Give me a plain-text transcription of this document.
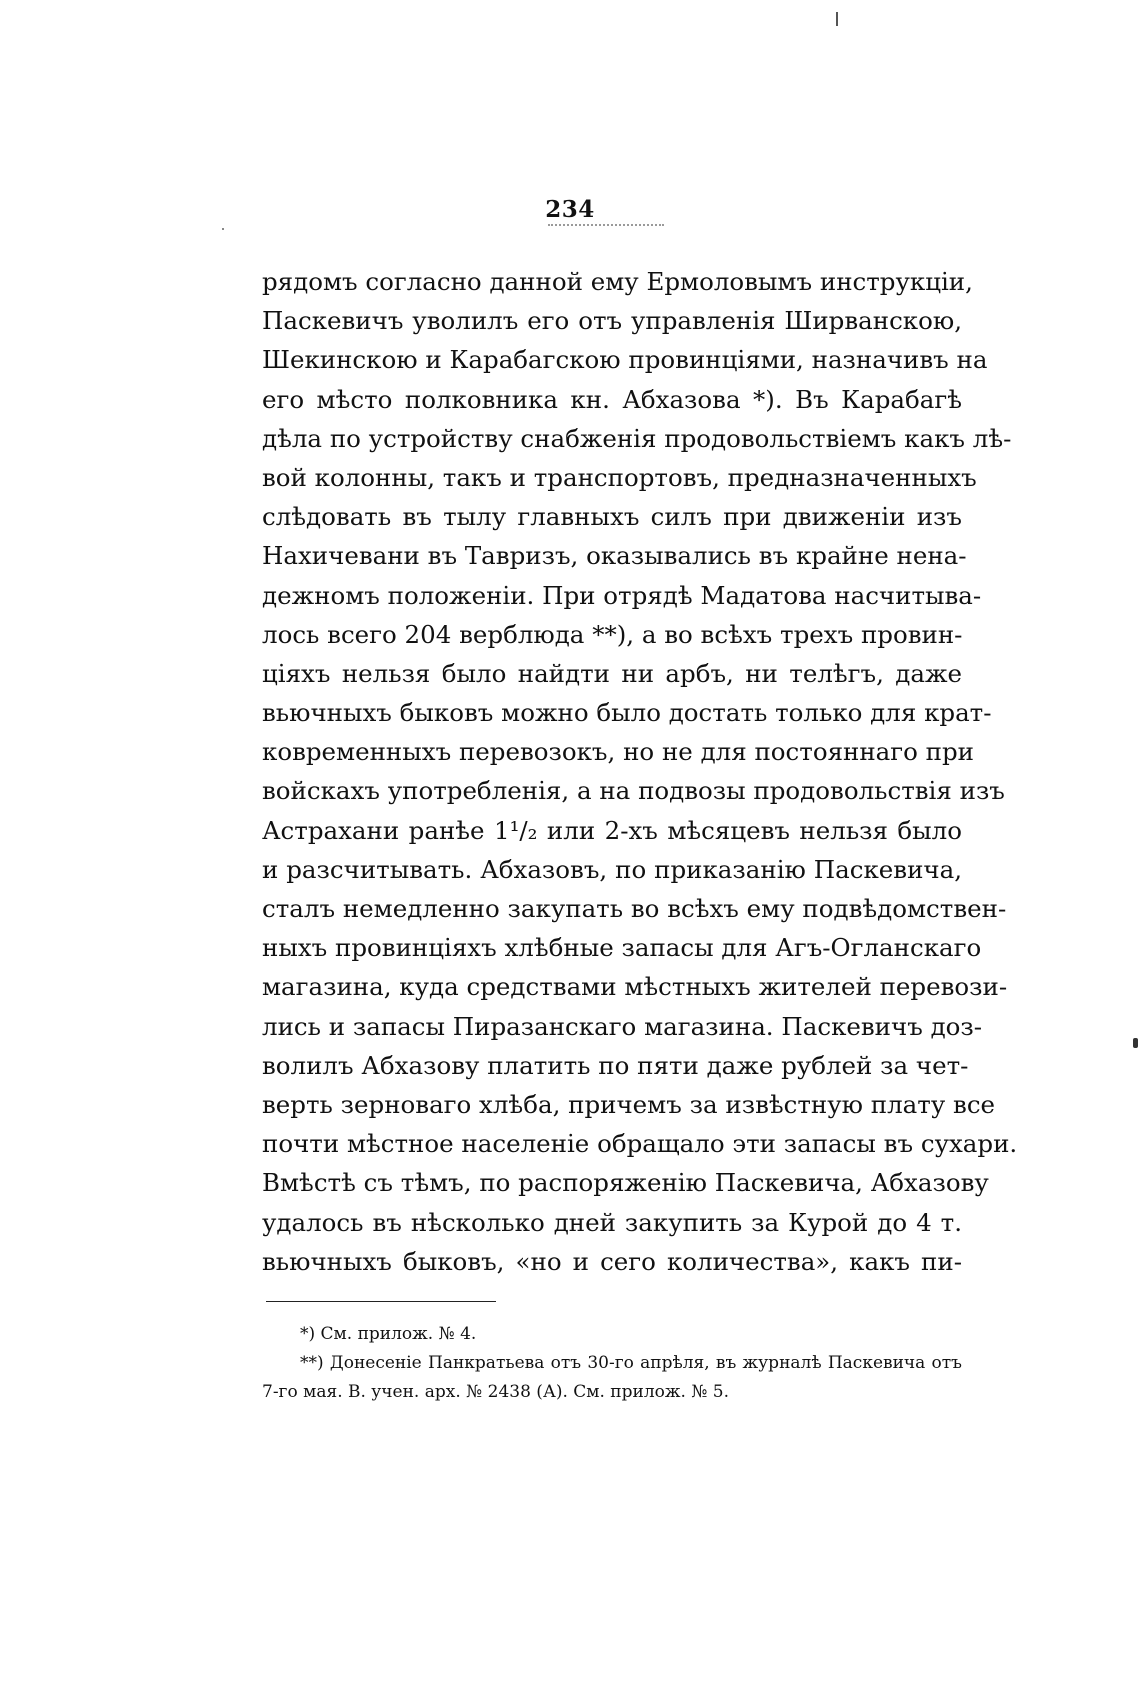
234
рядомъ согласно данной ему Ермоловымъ инструкціи,
Паскевичъ уволилъ его отъ управленія Ширванскою,
Шекинскою и Карабагскою провинціями, назначивъ на
его мѣсто полковника кн. Абхазова *). Въ Карабагѣ
дѣла по устройству снабженія продовольствіемъ какъ лѣ-
вой колонны, такъ и транспортовъ, предназначенныхъ
слѣдовать въ тылу главныхъ силъ при движеніи изъ
Нахичевани въ Тавризъ, оказывались въ крайне нена-
дежномъ положеніи. При отрядѣ Мадатова насчитыва-
лось всего 204 верблюда **), а во всѣхъ трехъ провин-
ціяхъ нельзя было найдти ни арбъ, ни телѣгъ, даже
вьючныхъ быковъ можно было достать только для крат-
ковременныхъ перевозокъ, но не для постояннаго при
войскахъ употребленія, а на подвозы продовольствія изъ
Астрахани ранѣе 1¹/₂ или 2-хъ мѣсяцевъ нельзя было
и разсчитывать. Абхазовъ, по приказанію Паскевича,
сталъ немедленно закупать во всѣхъ ему подвѣдомствен-
ныхъ провинціяхъ хлѣбные запасы для Агъ-Огланскаго
магазина, куда средствами мѣстныхъ жителей перевози-
лись и запасы Пиразанскаго магазина. Паскевичъ доз-
волилъ Абхазову платить по пяти даже рублей за чет-
верть зерноваго хлѣба, причемъ за извѣстную плату все
почти мѣстное населеніе обращало эти запасы въ сухари.
Вмѣстѣ съ тѣмъ, по распоряженію Паскевича, Абхазову
удалось въ нѣсколько дней закупить за Курой до 4 т.
вьючныхъ быковъ, «но и сего количества», какъ пи-
*) См. прилож. № 4.
**) Донесеніе Панкратьева отъ 30-го апрѣля, въ журналѣ Паскевича отъ
7-го мая. В. учен. арх. № 2438 (А). См. прилож. № 5.
